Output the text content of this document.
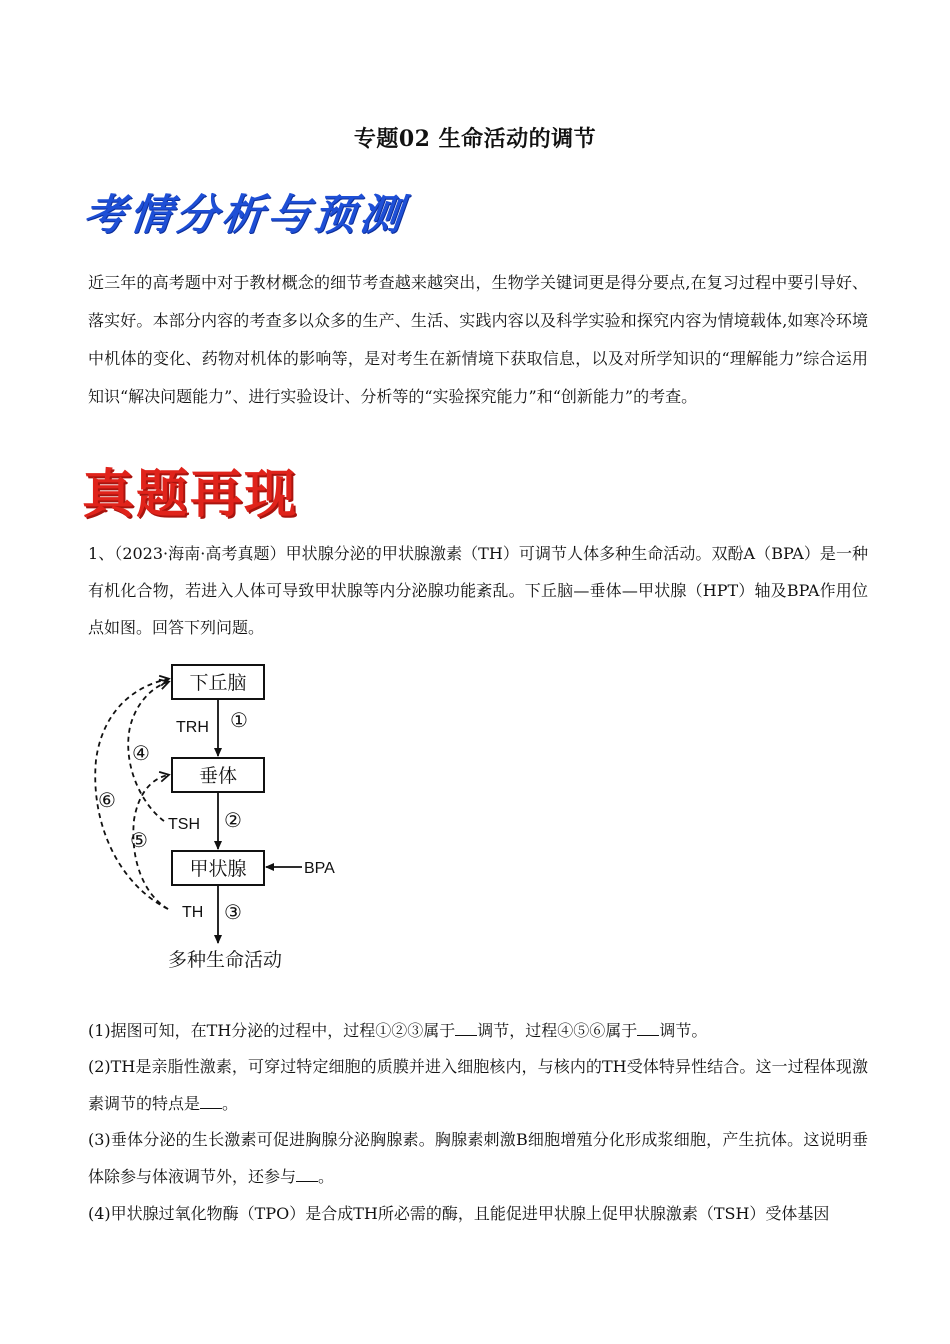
专题02 生命活动的调节
考情分析与预测

近三年的高考题中对于教材概念的细节考查越来越突出，生物学关键词更是得分要点,在复习过程中要引导好、落实好。本部分内容的考查多以众多的生产、生活、实践内容以及科学实验和探究内容为情境载体,如寒冷环境中机体的变化、药物对机体的影响等，是对考生在新情境下获取信息，以及对所学知识的“理解能力”综合运用知识“解决问题能力”、进行实验设计、分析等的“实验探究能力”和“创新能力”的考查。

真题再现

1、（2023·海南·高考真题）甲状腺分泌的甲状腺激素（TH）可调节人体多种生命活动。双酚A（BPA）是一种有机化合物，若进入人体可导致甲状腺等内分泌腺功能紊乱。下丘脑—垂体—甲状腺（HPT）轴及BPA作用位点如图。回答下列问题。

下丘脑
垂体
甲状腺	BPA
TRH
TSH
TH
①
②
③
④
⑤
⑥
多种生命活动

(1)据图可知，在TH分泌的过程中，过程①②③属于 调节，过程④⑤⑥属于 调节。

(2)TH是亲脂性激素，可穿过特定细胞的质膜并进入细胞核内，与核内的TH受体特异性结合。这一过程体现激素调节的特点是 。

(3)垂体分泌的生长激素可促进胸腺分泌胸腺素。胸腺素刺激B细胞增殖分化形成浆细胞，产生抗体。这说明垂体除参与体液调节外，还参与 。

(4)甲状腺过氧化物酶（TPO）是合成TH所必需的酶，且能促进甲状腺上促甲状腺激素（TSH）受体基因
